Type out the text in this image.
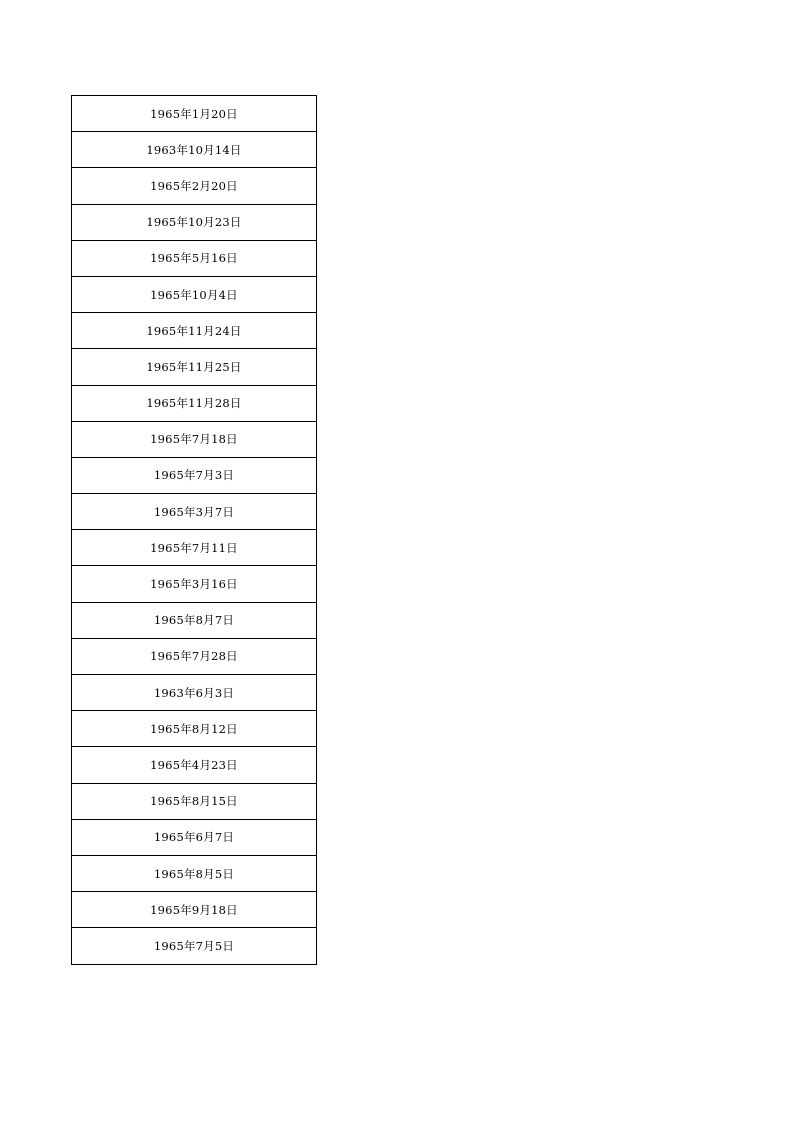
1965年1月20日
1963年10月14日
1965年2月20日
1965年10月23日
1965年5月16日
1965年10月4日
1965年11月24日
1965年11月25日
1965年11月28日
1965年7月18日
1965年7月3日
1965年3月7日
1965年7月11日
1965年3月16日
1965年8月7日
1965年7月28日
1963年6月3日
1965年8月12日
1965年4月23日
1965年8月15日
1965年6月7日
1965年8月5日
1965年9月18日
1965年7月5日
